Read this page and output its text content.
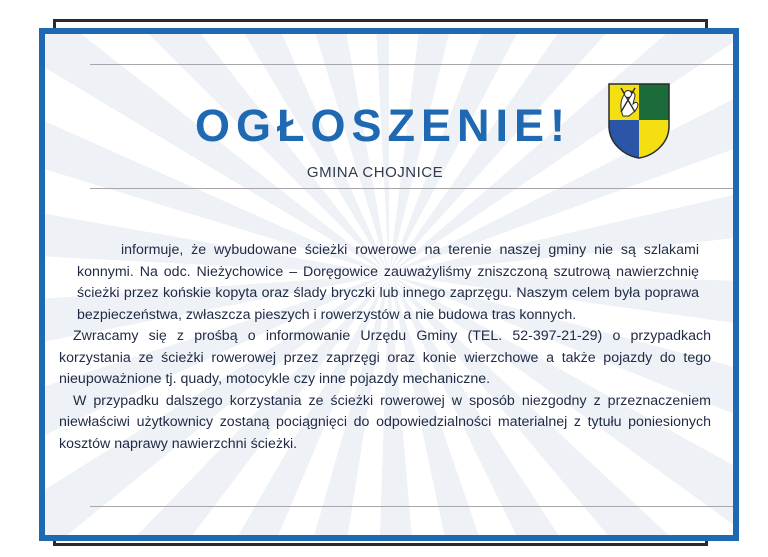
OGŁOSZENIE!
GMINA CHOJNICE

informuje, że wybudowane ścieżki rowerowe na terenie naszej gminy nie są szlakami konnymi. Na odc. Nieżychowice – Doręgowice zauważyliśmy zniszczoną szutrową nawierzchnię ścieżki przez końskie kopyta oraz ślady bryczki lub innego zaprzęgu. Naszym celem była poprawa bezpieczeństwa, zwłaszcza pieszych i rowerzystów a nie budowa tras konnych.

Zwracamy się z prośbą o informowanie Urzędu Gminy (TEL. 52-397-21-29) o przypadkach korzystania ze ścieżki rowerowej przez zaprzęgi oraz konie wierzchowe a także pojazdy do tego nieupoważnione tj. quady, motocykle czy inne pojazdy mechaniczne.

W przypadku dalszego korzystania ze ścieżki rowerowej w sposób niezgodny z przeznaczeniem niewłaściwi użytkownicy zostaną pociągnięci do odpowiedzialności materialnej z tytułu poniesionych kosztów naprawy nawierzchni ścieżki.
